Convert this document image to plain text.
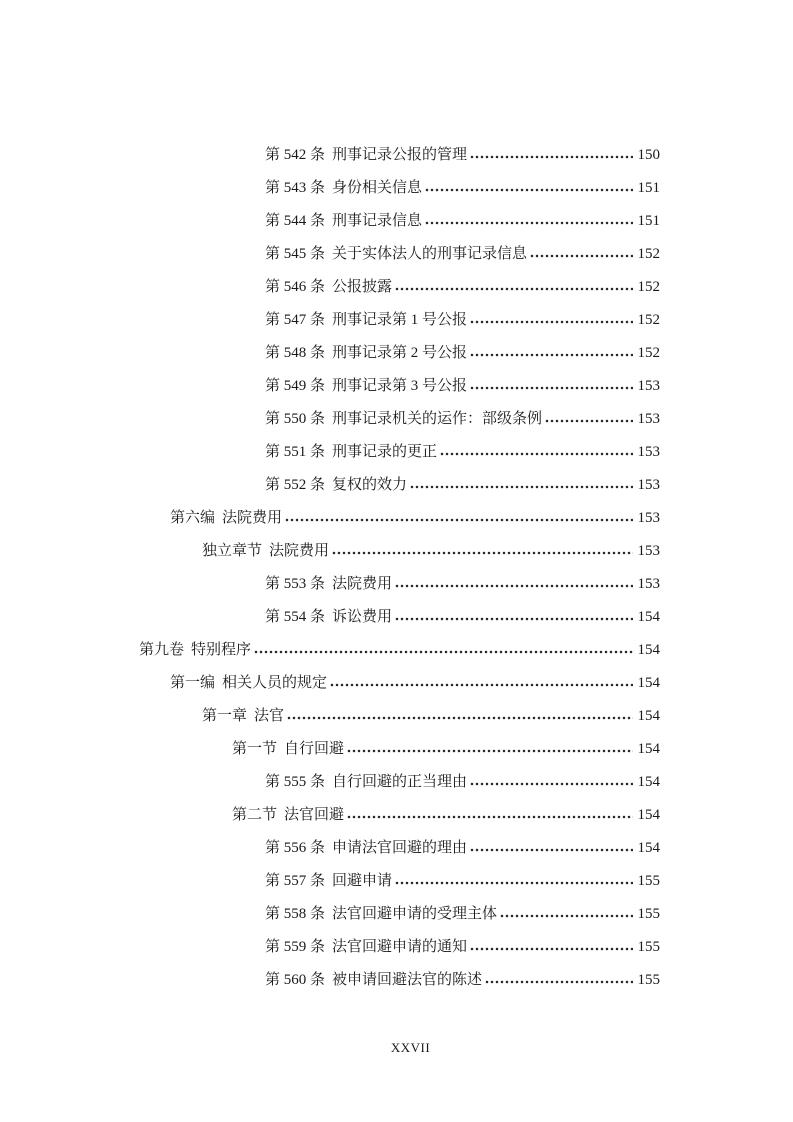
第 542 条 刑事记录公报的管理	150
第 543 条 身份相关信息	151
第 544 条 刑事记录信息	151
第 545 条 关于实体法人的刑事记录信息	152
第 546 条 公报披露	152
第 547 条 刑事记录第 1 号公报	152
第 548 条 刑事记录第 2 号公报	152
第 549 条 刑事记录第 3 号公报	153
第 550 条 刑事记录机关的运作：部级条例	153
第 551 条 刑事记录的更正	153
第 552 条 复权的效力	153
第六编 法院费用	153
独立章节 法院费用	153
第 553 条 法院费用	153
第 554 条 诉讼费用	154
第九卷 特别程序	154
第一编 相关人员的规定	154
第一章 法官	154
第一节 自行回避	154
第 555 条 自行回避的正当理由	154
第二节 法官回避	154
第 556 条 申请法官回避的理由	154
第 557 条 回避申请	155
第 558 条 法官回避申请的受理主体	155
第 559 条 法官回避申请的通知	155
第 560 条 被申请回避法官的陈述	155
XXVII
